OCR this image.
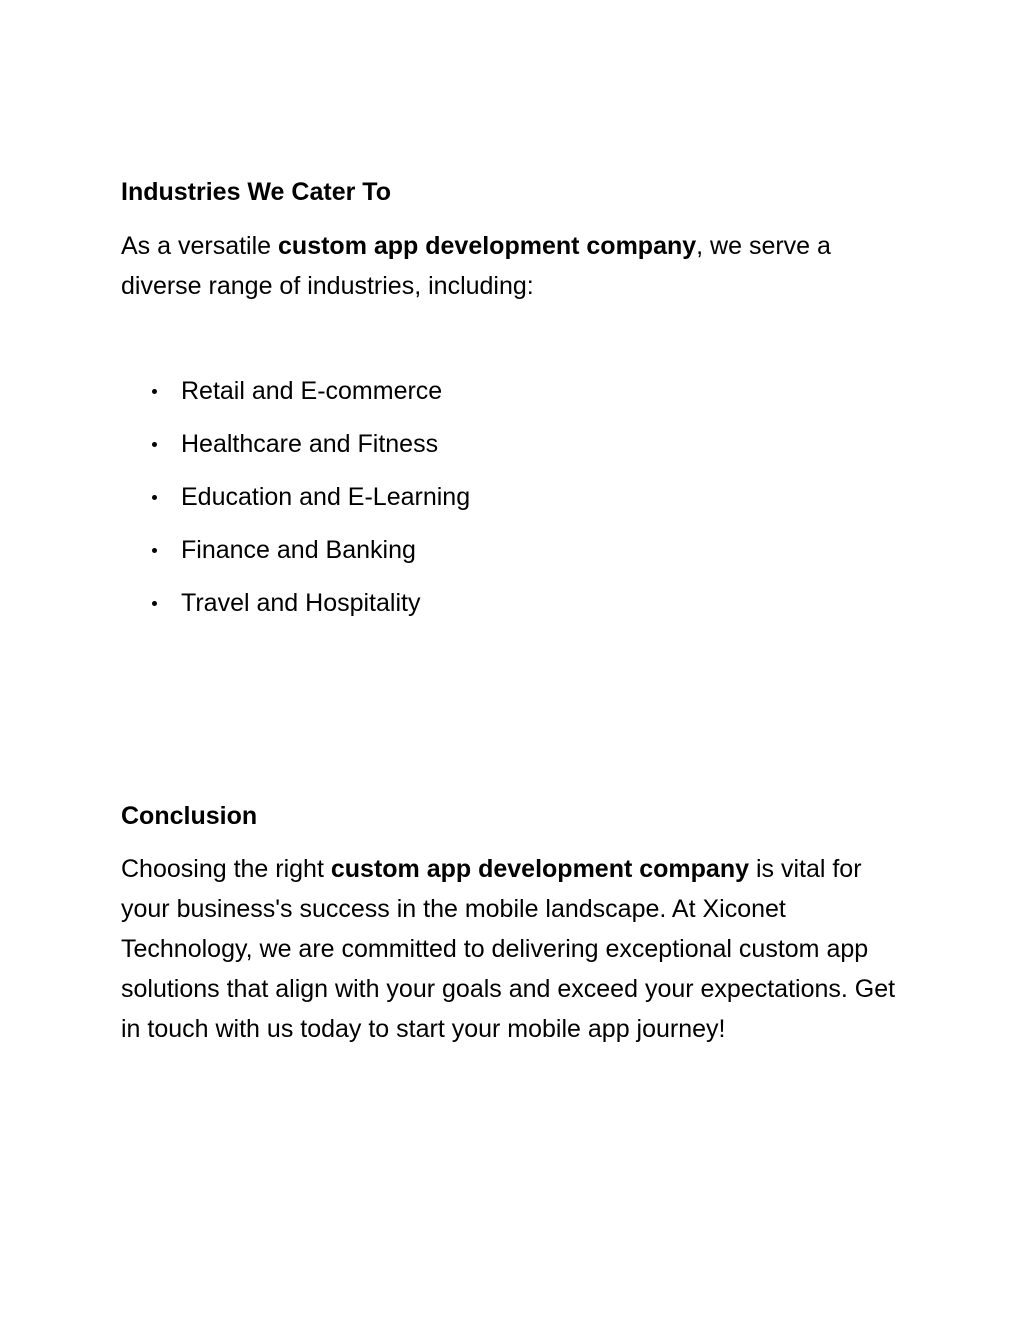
Industries We Cater To

As a versatile custom app development company, we serve a diverse range of industries, including:

Retail and E-commerce
Healthcare and Fitness
Education and E-Learning
Finance and Banking
Travel and Hospitality
Conclusion

Choosing the right custom app development company is vital for your business's success in the mobile landscape. At Xiconet Technology, we are committed to delivering exceptional custom app solutions that align with your goals and exceed your expectations. Get in touch with us today to start your mobile app journey!
